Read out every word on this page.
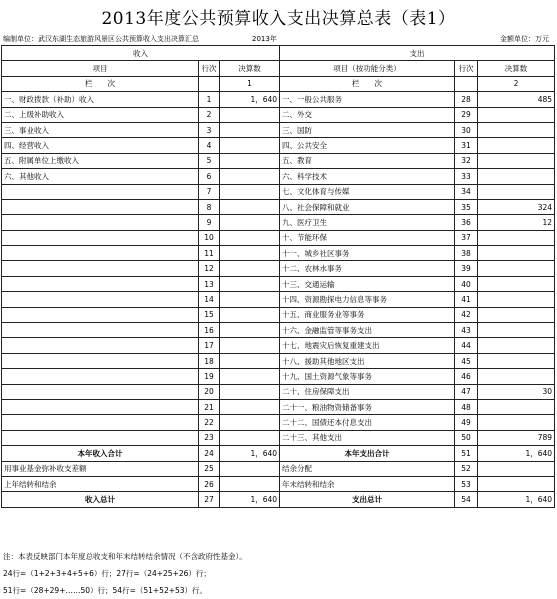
2013年度公共预算收入支出决算总表（表1）
编制单位：武汉东湖生态旅游风景区公共预算收入支出决算汇总	2013年	金额单位：万元
收入			支出		
项目	行次	决算数	项目（按功能分类）	行次	决算数
栏　　次		1	栏　　次		2
一、财政拨款（补助）收入	1	1，640	一、一般公共服务	28	485
二、上级补助收入	2		二、外交	29	
三、事业收入	3		三、国防	30	
四、经营收入	4		四、公共安全	31	
五、附属单位上缴收入	5		五、教育	32	
六、其他收入	6		六、科学技术	33	
	7		七、文化体育与传媒	34	
	8		八、社会保障和就业	35	324
	9		九、医疗卫生	36	12
	10		十、节能环保	37	
	11		十一、城乡社区事务	38	
	12		十二、农林水事务	39	
	13		十三、交通运输	40	
	14		十四、资源勘探电力信息等事务	41	
	15		十五、商业服务业等事务	42	
	16		十六、金融监管等事务支出	43	
	17		十七、地震灾后恢复重建支出	44	
	18		十八、援助其他地区支出	45	
	19		十九、国土资源气象等事务	46	
	20		二十、住房保障支出	47	30
	21		二十一、粮油物资储备事务	48	
	22		二十二、国债还本付息支出	49	
	23		二十三、其他支出	50	789
本年收入合计	24	1，640	本年支出合计	51	1，640
用事业基金弥补收支差额	25		结余分配	52	
上年结转和结余	26		年末结转和结余	53	
收入总计	27	1，640	支出总计	54	1，640
注：本表反映部门本年度总收支和年末结转结余情况（不含政府性基金）。
24行=（1+2+3+4+5+6）行；27行=（24+25+26）行；
51行=（28+29+……50）行；54行=（51+52+53）行。
